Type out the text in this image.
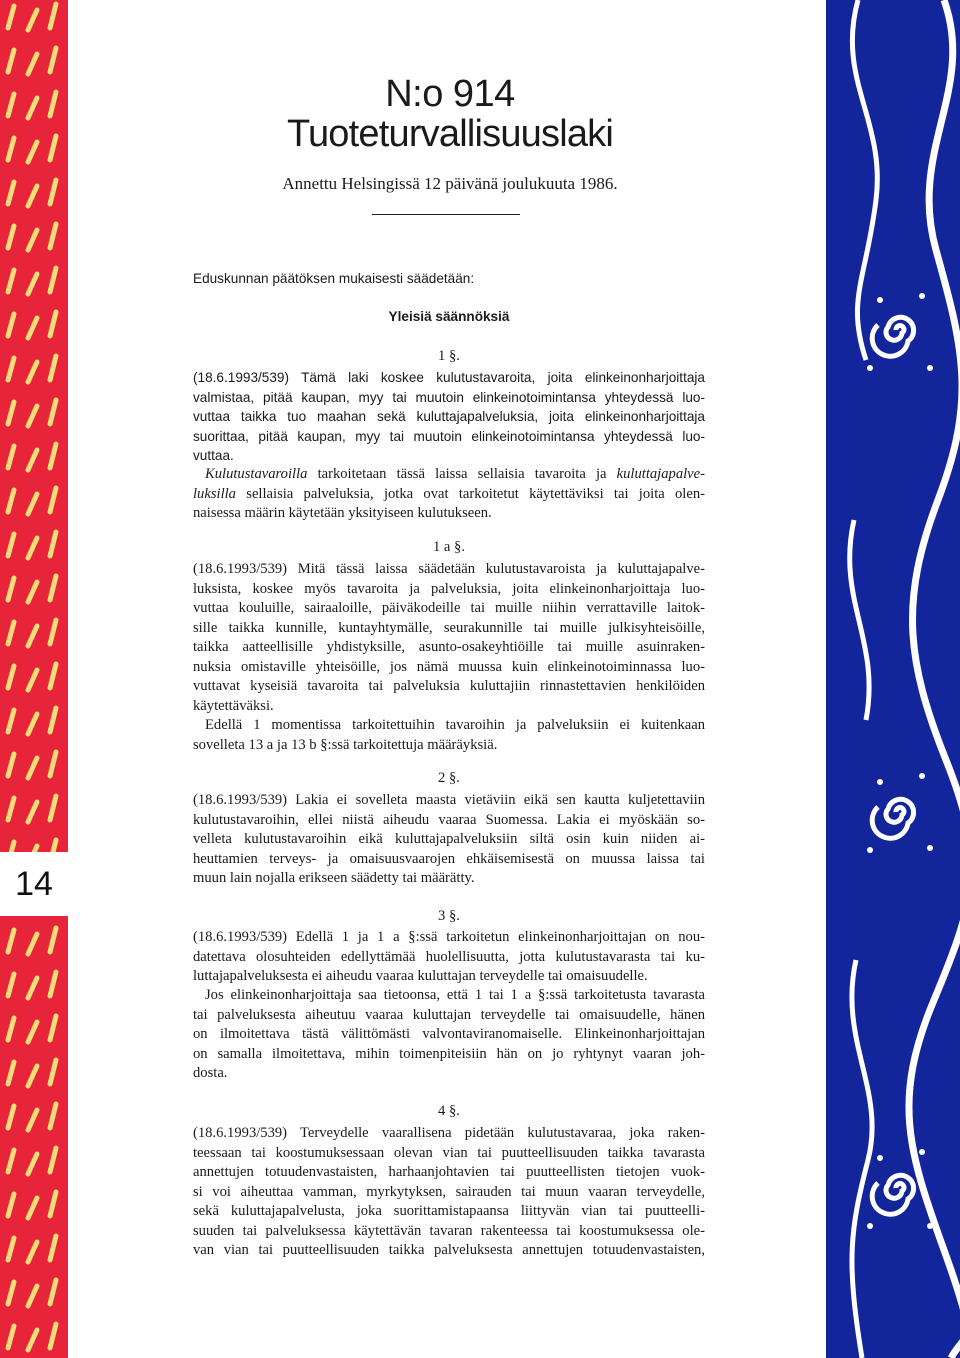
14
N:o 914
Tuoteturvallisuuslaki
Annettu Helsingissä 12 päivänä joulukuuta 1986.
Eduskunnan päätöksen mukaisesti säädetään:
Yleisiä säännöksiä
1 §.
(18.6.1993/539) Tämä laki koskee kulutustavaroita, joita elinkeinonharjoittaja
valmistaa, pitää kaupan, myy tai muutoin elinkeinotoimintansa yhteydessä luo-
vuttaa taikka tuo maahan sekä kuluttajapalveluksia, joita elinkeinonharjoittaja
suorittaa, pitää kaupan, myy tai muutoin elinkeinotoimintansa yhteydessä luo-
vuttaa.
Kulutustavaroilla tarkoitetaan tässä laissa sellaisia tavaroita ja kuluttajapalve-
luksilla sellaisia palveluksia, jotka ovat tarkoitetut käytettäviksi tai joita olen-
naisessa määrin käytetään yksityiseen kulutukseen.
1 a §.
(18.6.1993/539) Mitä tässä laissa säädetään kulutustavaroista ja kuluttajapalve-
luksista, koskee myös tavaroita ja palveluksia, joita elinkeinonharjoittaja luo-
vuttaa kouluille, sairaaloille, päiväkodeille tai muille niihin verrattaville laitok-
sille taikka kunnille, kuntayhtymälle, seurakunnille tai muille julkisyhteisöille,
taikka aatteellisille yhdistyksille, asunto-osakeyhtiöille tai muille asuinraken-
nuksia omistaville yhteisöille, jos nämä muussa kuin elinkeinotoiminnassa luo-
vuttavat kyseisiä tavaroita tai palveluksia kuluttajiin rinnastettavien henkilöiden
käytettäväksi.
Edellä 1 momentissa tarkoitettuihin tavaroihin ja palveluksiin ei kuitenkaan
sovelleta 13 a ja 13 b §:ssä tarkoitettuja määräyksiä.
2 §.
(18.6.1993/539) Lakia ei sovelleta maasta vietäviin eikä sen kautta kuljetettaviin
kulutustavaroihin, ellei niistä aiheudu vaaraa Suomessa. Lakia ei myöskään so-
velleta kulutustavaroihin eikä kuluttajapalveluksiin siltä osin kuin niiden ai-
heuttamien terveys- ja omaisuusvaarojen ehkäisemisestä on muussa laissa tai
muun lain nojalla erikseen säädetty tai määrätty.
3 §.
(18.6.1993/539) Edellä 1 ja 1 a §:ssä tarkoitetun elinkeinonharjoittajan on nou-
datettava olosuhteiden edellyttämää huolellisuutta, jotta kulutustavarasta tai ku-
luttajapalveluksesta ei aiheudu vaaraa kuluttajan terveydelle tai omaisuudelle.
Jos elinkeinonharjoittaja saa tietoonsa, että 1 tai 1 a §:ssä tarkoitetusta tavarasta
tai palveluksesta aiheutuu vaaraa kuluttajan terveydelle tai omaisuudelle, hänen
on ilmoitettava tästä välittömästi valvontaviranomaiselle. Elinkeinonharjoittajan
on samalla ilmoitettava, mihin toimenpiteisiin hän on jo ryhtynyt vaaran joh-
dosta.
4 §.
(18.6.1993/539) Terveydelle vaarallisena pidetään kulutustavaraa, joka raken-
teessaan tai koostumuksessaan olevan vian tai puutteellisuuden taikka tavarasta
annettujen totuudenvastaisten, harhaanjohtavien tai puutteellisten tietojen vuok-
si voi aiheuttaa vamman, myrkytyksen, sairauden tai muun vaaran terveydelle,
sekä kuluttajapalvelusta, joka suorittamistapaansa liittyvän vian tai puutteelli-
suuden tai palveluksessa käytettävän tavaran rakenteessa tai koostumuksessa ole-
van vian tai puutteellisuuden taikka palveluksesta annettujen totuudenvastaisten,
